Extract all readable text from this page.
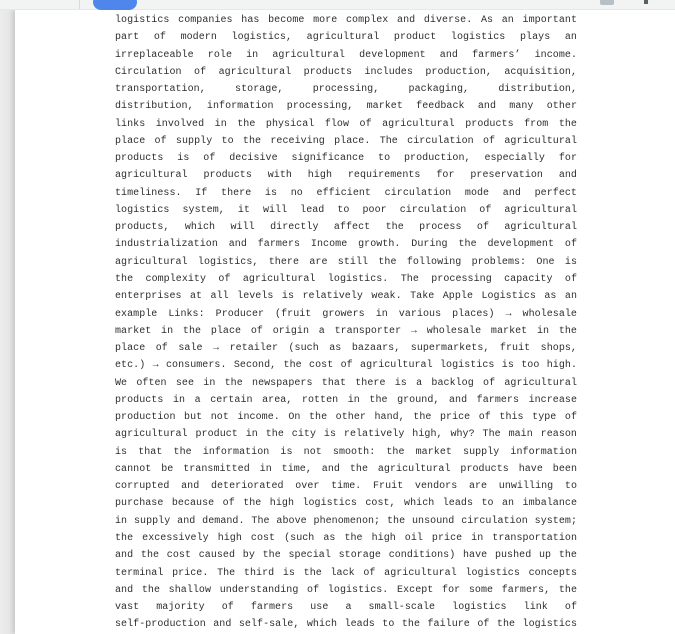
logistics companies has become more complex and diverse. As an important
part of modern logistics, agricultural product logistics plays an
irreplaceable role in agricultural development and farmers’ income.
Circulation of agricultural products includes production, acquisition,
transportation, storage, processing, packaging, distribution,
distribution, information processing, market feedback and many other
links involved in the physical flow of agricultural products from the
place of supply to the receiving place. The circulation of agricultural
products is of decisive significance to production, especially for
agricultural products with high requirements for preservation and
timeliness. If there is no efficient circulation mode and perfect
logistics system, it will lead to poor circulation of agricultural
products, which will directly affect the process of agricultural
industrialization and farmers Income growth. During the development of
agricultural logistics, there are still the following problems: One is
the complexity of agricultural logistics. The processing capacity of
enterprises at all levels is relatively weak. Take Apple Logistics as an
example Links: Producer (fruit growers in various places) → wholesale
market in the place of origin a transporter → wholesale market in the
place of sale → retailer (such as bazaars, supermarkets, fruit shops,
etc.) → consumers. Second, the cost of agricultural logistics is too high.
We often see in the newspapers that there is a backlog of agricultural
products in a certain area, rotten in the ground, and farmers increase
production but not income. On the other hand, the price of this type of
agricultural product in the city is relatively high, why? The main reason
is that the information is not smooth: the market supply information
cannot be transmitted in time, and the agricultural products have been
corrupted and deteriorated over time. Fruit vendors are unwilling to
purchase because of the high logistics cost, which leads to an imbalance
in supply and demand. The above phenomenon; the unsound circulation system;
the excessively high cost (such as the high oil price in transportation
and the cost caused by the special storage conditions) have pushed up the
terminal price. The third is the lack of agricultural logistics concepts
and the shallow understanding of logistics. Except for some farmers, the
vast majority of farmers use a small-scale logistics link of
self-production and self-sale, which leads to the failure of the logistics
